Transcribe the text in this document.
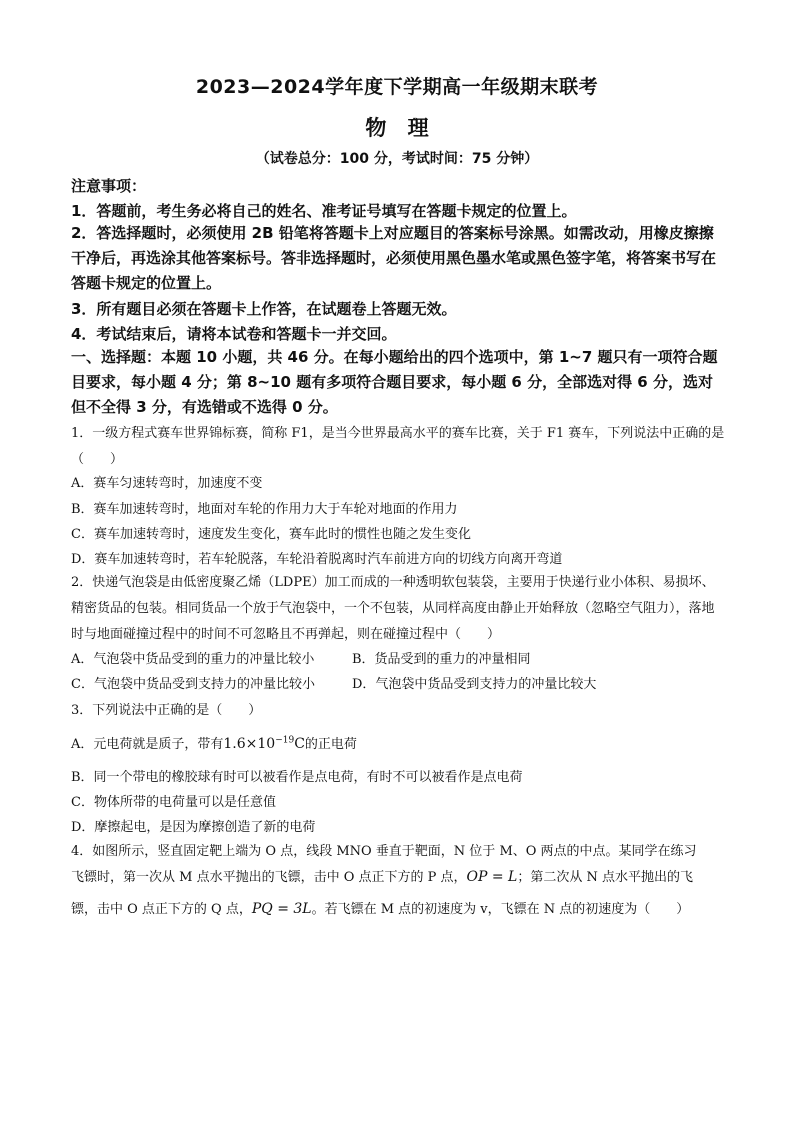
2023—2024学年度下学期高一年级期末联考
物 理
（试卷总分：100 分，考试时间：75 分钟）
注意事项：
1．答题前，考生务必将自己的姓名、准考证号填写在答题卡规定的位置上。
2．答选择题时，必须使用 2B 铅笔将答题卡上对应题目的答案标号涂黑。如需改动，用橡皮擦擦干净后，再选涂其他答案标号。答非选择题时，必须使用黑色墨水笔或黑色签字笔，将答案书写在答题卡规定的位置上。
3．所有题目必须在答题卡上作答，在试题卷上答题无效。
4．考试结束后，请将本试卷和答题卡一并交回。
一、选择题：本题 10 小题，共 46 分。在每小题给出的四个选项中，第 1~7 题只有一项符合题目要求，每小题 4 分；第 8~10 题有多项符合题目要求，每小题 6 分，全部选对得 6 分，选对但不全得 3 分，有选错或不选得 0 分。
1．一级方程式赛车世界锦标赛，简称 F1，是当今世界最高水平的赛车比赛，关于 F1 赛车，下列说法中正确的是（　　）
A．赛车匀速转弯时，加速度不变
B．赛车加速转弯时，地面对车轮的作用力大于车轮对地面的作用力
C．赛车加速转弯时，速度发生变化，赛车此时的惯性也随之发生变化
D．赛车加速转弯时，若车轮脱落，车轮沿着脱离时汽车前进方向的切线方向离开弯道
2．快递气泡袋是由低密度聚乙烯（LDPE）加工而成的一种透明软包装袋，主要用于快递行业小体积、易损坏、精密货品的包装。相同货品一个放于气泡袋中，一个不包装，从同样高度由静止开始释放（忽略空气阻力），落地时与地面碰撞过程中的时间不可忽略且不再弹起，则在碰撞过程中（　　）
A．气泡袋中货品受到的重力的冲量比较小	B．货品受到的重力的冲量相同
C．气泡袋中货品受到支持力的冲量比较小	D．气泡袋中货品受到支持力的冲量比较大
3．下列说法中正确的是（　　）
A．元电荷就是质子，带有$1.6\times 10^{-19}C$的正电荷
B．同一个带电的橡胶球有时可以被看作是点电荷，有时不可以被看作是点电荷
C．物体所带的电荷量可以是任意值
D．摩擦起电，是因为摩擦创造了新的电荷
4．如图所示，竖直固定靶上端为 O 点，线段 MNO 垂直于靶面，N 位于 M、O 两点的中点。某同学在练习
飞镖时，第一次从 M 点水平抛出的飞镖，击中 O 点正下方的 P 点，OP = L；第二次从 N 点水平抛出的飞
镖，击中 O 点正下方的 Q 点，PQ = 3L。若飞镖在 M 点的初速度为 v，飞镖在 N 点的初速度为（　　）
